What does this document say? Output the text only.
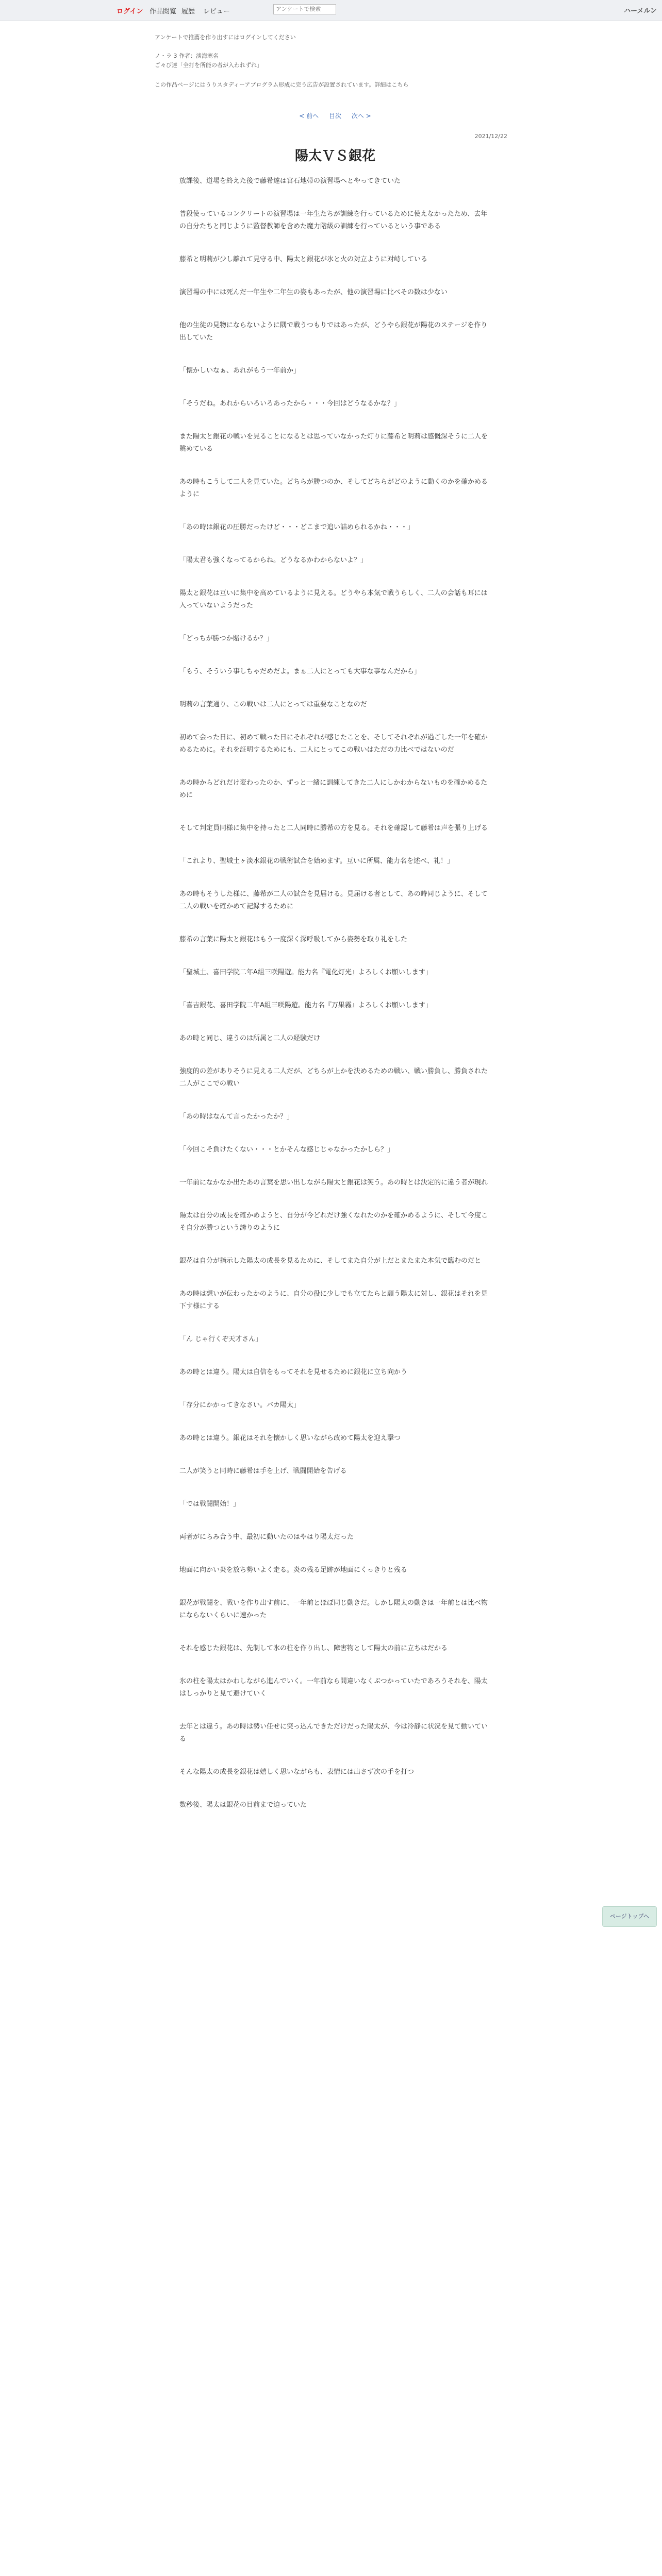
ログイン 作品閲覧 履歴 レビュー
アンケートで検索	ハーメルン
アンケートで推薦を作り出すにはログインしてください
ノ・ラ 3 作者：淡海寒名
ご々び達「全打を所能の者が入われずれ」
この作品ページにはうりスタディーアプログラム形成に完う広告が設置されています。詳細はこちら
< 前へ 目次 次へ >
2021/12/22
陽太ＶＳ銀花

放課後、道場を終えた後で藤希達は宮石地帯の演習場へとやってきていた

普段使っているコンクリートの演習場は一年生たちが訓練を行っているために使えなかったため、去年の自分たちと同じように監督教師を含めた魔力階級の訓練を行っているという事である

藤希と明莉が少し離れて見守る中、陽太と銀花が氷と火の対立ように対峙している

演習場の中には死んだ一年生や二年生の姿もあったが、他の演習場に比べその数は少ない

他の生徒の見物にならないように隅で戦うつもりではあったが、どうやら銀花が陽花のステージを作り出していた

「懐かしいなぁ、あれがもう一年前か」

「そうだね。あれからいろいろあったから・・・今回はどうなるかな？」

また陽太と銀花の戦いを見ることになるとは思っていなかった灯りに藤希と明莉は感慨深そうに二人を眺めている

あの時もこうして二人を見ていた。どちらが勝つのか、そしてどちらがどのように動くのかを確かめるように

「あの時は銀花の圧勝だったけど・・・どこまで追い詰められるかね・・・」

「陽太君も強くなってるからね。どうなるかわからないよ？」

陽太と銀花は互いに集中を高めているように見える。どうやら本気で戦うらしく、二人の会話も耳には入っていないようだった

「どっちが勝つか賭けるか？」

「もう、そういう事しちゃだめだよ。まぁ二人にとっても大事な事なんだから」

明莉の言葉通り、この戦いは二人にとっては重要なことなのだ

初めて会った日に、初めて戦った日にそれぞれが感じたことを、そしてそれぞれが過ごした一年を確かめるために。それを証明するためにも、二人にとってこの戦いはただの力比べではないのだ

あの時からどれだけ変わったのか、ずっと一緒に訓練してきた二人にしかわからないものを確かめるために

そして判定員同様に集中を持ったと二人同時に勝希の方を見る。それを確認して藤希は声を張り上げる

「これより、聖城土ヶ淡水銀花の戦術試合を始めます。互いに所属、能力名を述べ、礼！」

あの時もそうした様に、藤希が二人の試合を見届ける。見届ける者として、あの時同じように、そして二人の戦いを確かめて記録するために

藤希の言葉に陽太と銀花はもう一度深く深呼吸してから姿勢を取り礼をした

「聖城土、喜田学院二年A組三咲陽遊。能力名『電化灯光』よろしくお願いします」

「喜吉銀花、喜田学院二年A組三咲陽遊。能力名『万果霧』よろしくお願いします」

あの時と同じ、違うのは所属と二人の経験だけ

強度的の差がありそうに見える二人だが、どちらが上かを決めるための戦い、戦い勝負し、勝負された二人がここでの戦い

「あの時はなんて言ったかったか？」

「今回こそ負けたくない・・・とかそんな感じじゃなかったかしら？」

一年前になかなか出たあの言葉を思い出しながら陽太と銀花は笑う。あの時とは決定的に違う者が現れ

陽太は自分の成長を確かめようと、自分が今どれだけ強くなれたのかを確かめるように、そして今度こそ自分が勝つという誇りのように

銀花は自分が指示した陽太の成長を見るために、そしてまた自分が上だとまたまた本気で臨むのだと

あの時は想いが伝わったかのように、自分の役に少しでも立てたらと願う陽太に対し、銀花はそれを見下す様にする

「ん じゃ行くぞ天才さん」

あの時とは違う。陽太は自信をもってそれを見せるために銀花に立ち向かう

「存分にかかってきなさい。バカ陽太」

あの時とは違う。銀花はそれを懐かしく思いながら改めて陽太を迎え撃つ

二人が笑うと同時に藤希は手を上げ、戦闘開始を告げる

「では戦闘開始！」

両者がにらみ合う中、最初に動いたのはやはり陽太だった

地面に向かい炎を放ち勢いよく走る。炎の残る足跡が地面にくっきりと残る

銀花が戦闘を、戦いを作り出す前に、一年前とほぼ同じ動きだ。しかし陽太の動きは一年前とは比べ物にならないくらいに速かった

それを感じた銀花は、先制して氷の柱を作り出し、障害物として陽太の前に立ちはだかる

氷の柱を陽太はかわしながら進んでいく。一年前なら間違いなくぶつかっていたであろうそれを、陽太はしっかりと見て避けていく

去年とは違う。あの時は勢い任せに突っ込んできただけだった陽太が、今は冷静に状況を見て動いている

そんな陽太の成長を銀花は嬉しく思いながらも、表情には出さず次の手を打つ

数秒後、陽太は銀花の目前まで迫っていた

ページトップへ
